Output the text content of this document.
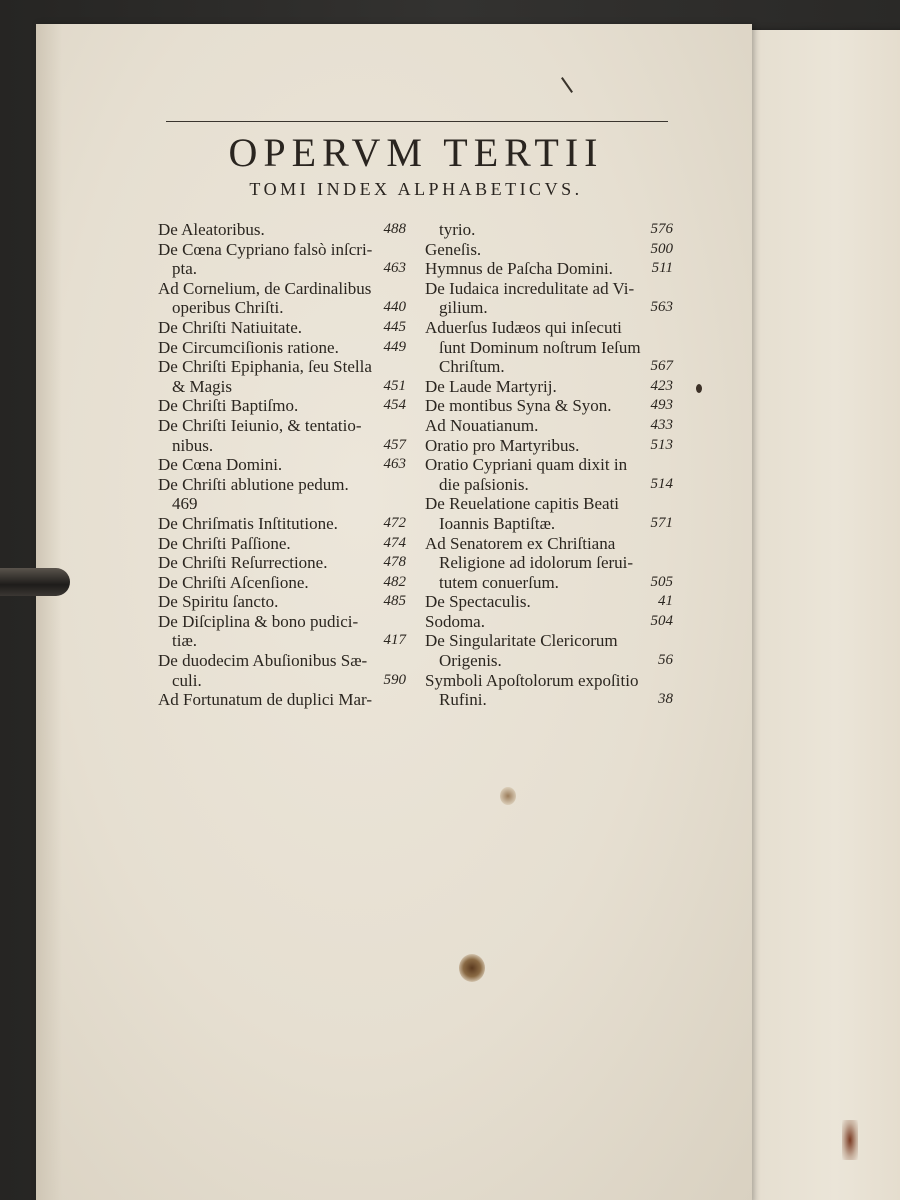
OPERVM TERTII
TOMI INDEX ALPHABETICVS.
De Aleatoribus.	488
De Cœna Cypriano falsò inſcri-
pta.	463
Ad Cornelium, de Cardinalibus
operibus Chriſti.	440
De Chriſti Natiuitate.	445
De Circumciſionis ratione.	449
De Chriſti Epiphania, ſeu Stella
& Magis	451
De Chriſti Baptiſmo.	454
De Chriſti Ieiunio, & tentatio-
nibus.	457
De Cœna Domini.	463
De Chriſti ablutione pedum.
469
De Chriſmatis Inſtitutione.	472
De Chriſti Paſſione.	474
De Chriſti Reſurrectione.	478
De Chriſti Aſcenſione.	482
De Spiritu ſancto.	485
De Diſciplina & bono pudici-
tiæ.	417
De duodecim Abuſionibus Sæ-
culi.	590
Ad Fortunatum de duplici Mar-
tyrio.	576
Geneſis.	500
Hymnus de Paſcha Domini.	511
De Iudaica incredulitate ad Vi-
gilium.	563
Aduerſus Iudæos qui inſecuti
ſunt Dominum noſtrum Ieſum
Chriſtum.	567
De Laude Martyrij.	423
De montibus Syna & Syon.	493
Ad Nouatianum.	433
Oratio pro Martyribus.	513
Oratio Cypriani quam dixit in
die paſsionis.	514
De Reuelatione capitis Beati
Ioannis Baptiſtæ.	571
Ad Senatorem ex Chriſtiana
Religione ad idolorum ſerui-
tutem conuerſum.	505
De Spectaculis.	41
Sodoma.	504
De Singularitate Clericorum
Origenis.	56
Symboli Apoſtolorum expoſitio
Rufini.	38
